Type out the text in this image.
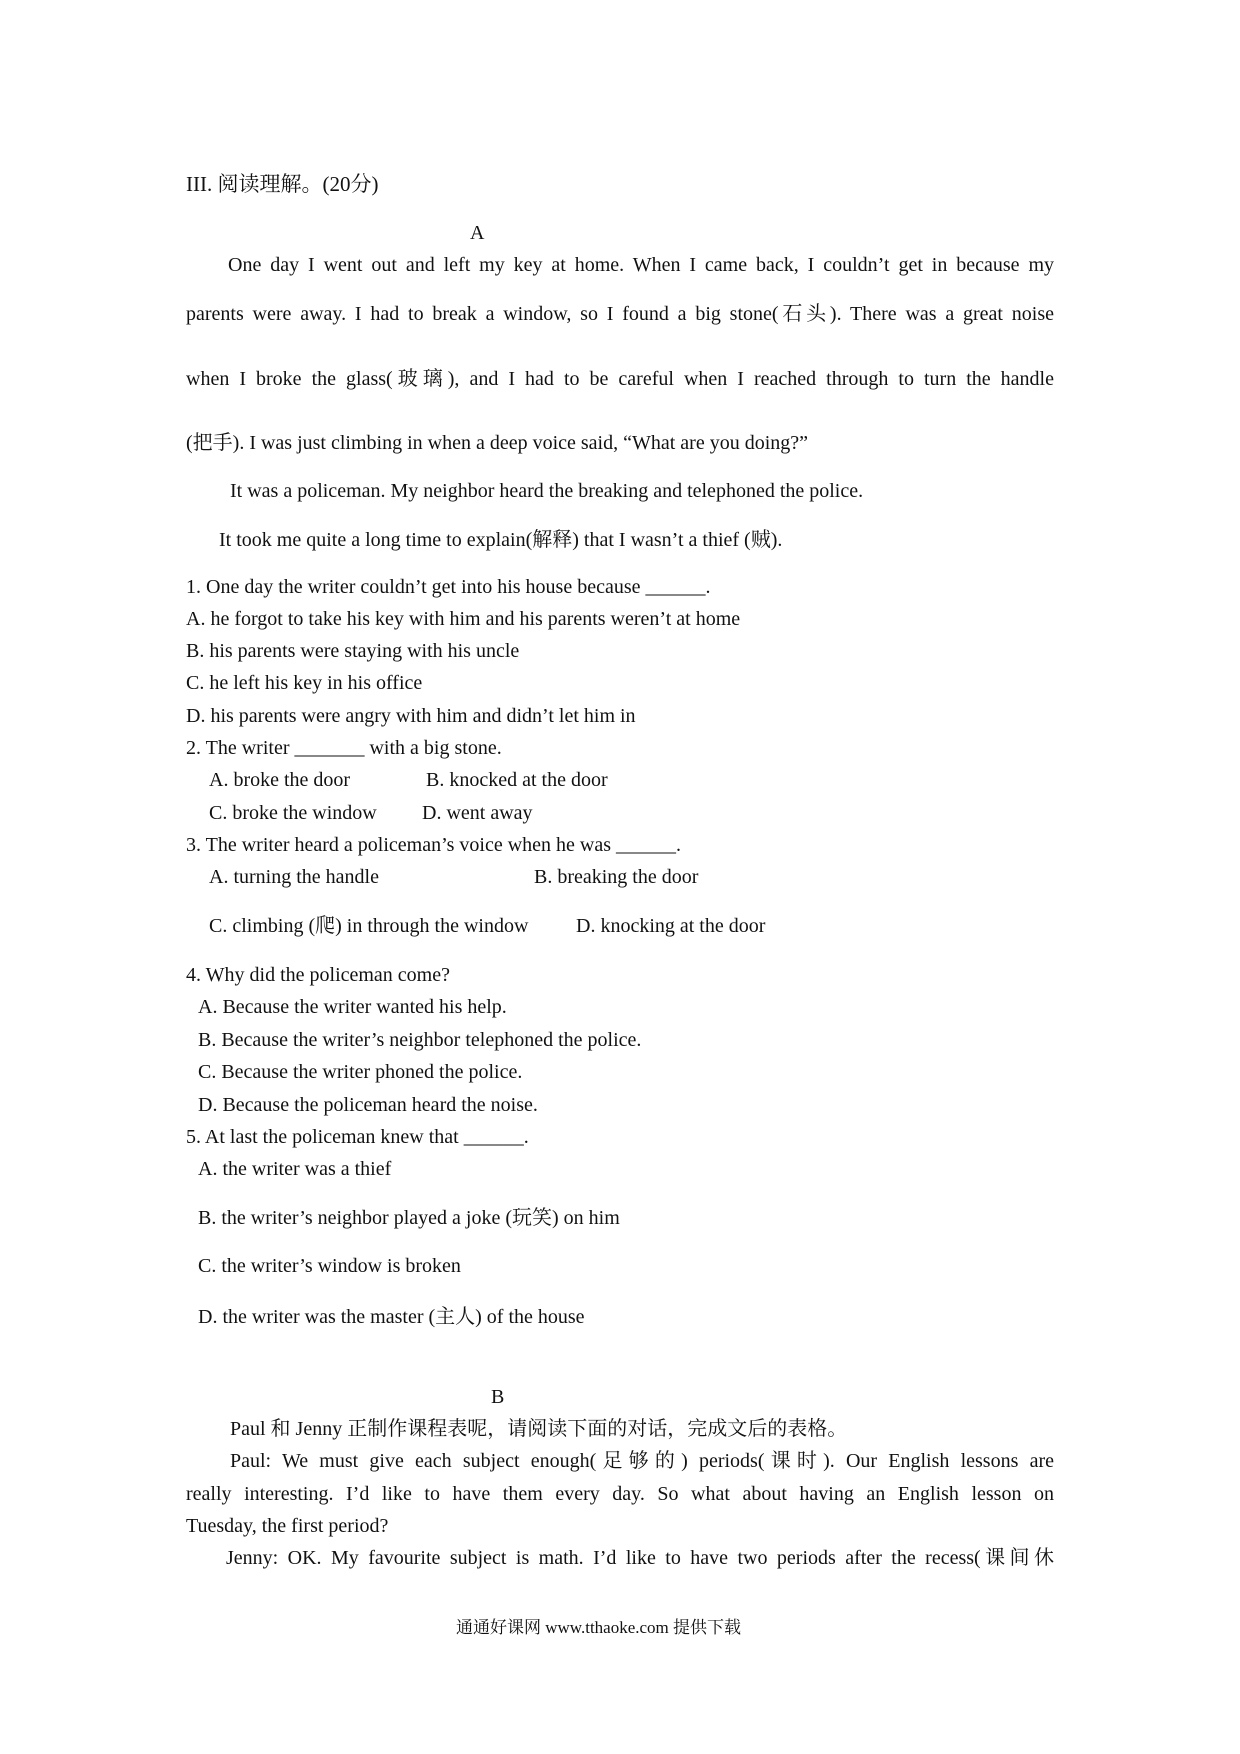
III. 阅读理解。(20分)
A
One day I went out and left my key at home. When I came back, I couldn’t get in because my
parents were away. I had to break a window, so I found a big stone(石头). There was a great noise
when I broke the glass(玻璃), and I had to be careful when I reached through to turn the handle
(把手). I was just climbing in when a deep voice said, “What are you doing?”
It was a policeman. My neighbor heard the breaking and telephoned the police.
It took me quite a long time to explain(解释) that I wasn’t a thief (贼).
1. One day the writer couldn’t get into his house because ______.
A. he forgot to take his key with him and his parents weren’t at home
B. his parents were staying with his uncle
C. he left his key in his office
D. his parents were angry with him and didn’t let him in
2. The writer _______ with a big stone.
A. broke the door	B. knocked at the door
C. broke the window D. went away
3. The writer heard a policeman’s voice when he was ______.
A. turning the handle	B. breaking the door
C. climbing (爬) in through the window D. knocking at the door
4. Why did the policeman come?
A. Because the writer wanted his help.
B. Because the writer’s neighbor telephoned the police.
C. Because the writer phoned the police.
D. Because the policeman heard the noise.
5. At last the policeman knew that ______.
A. the writer was a thief
B. the writer’s neighbor played a joke (玩笑) on him
C. the writer’s window is broken
D. the writer was the master (主人) of the house
B
Paul 和 Jenny 正制作课程表呢，请阅读下面的对话，完成文后的表格。
Paul: We must give each subject enough(足够的) periods(课时). Our English lessons are
really interesting. I’d like to have them every day. So what about having an English lesson on
Tuesday, the first period?
Jenny: OK. My favourite subject is math. I’d like to have two periods after the recess(课间休
通通好课网 www.tthaoke.com 提供下载
